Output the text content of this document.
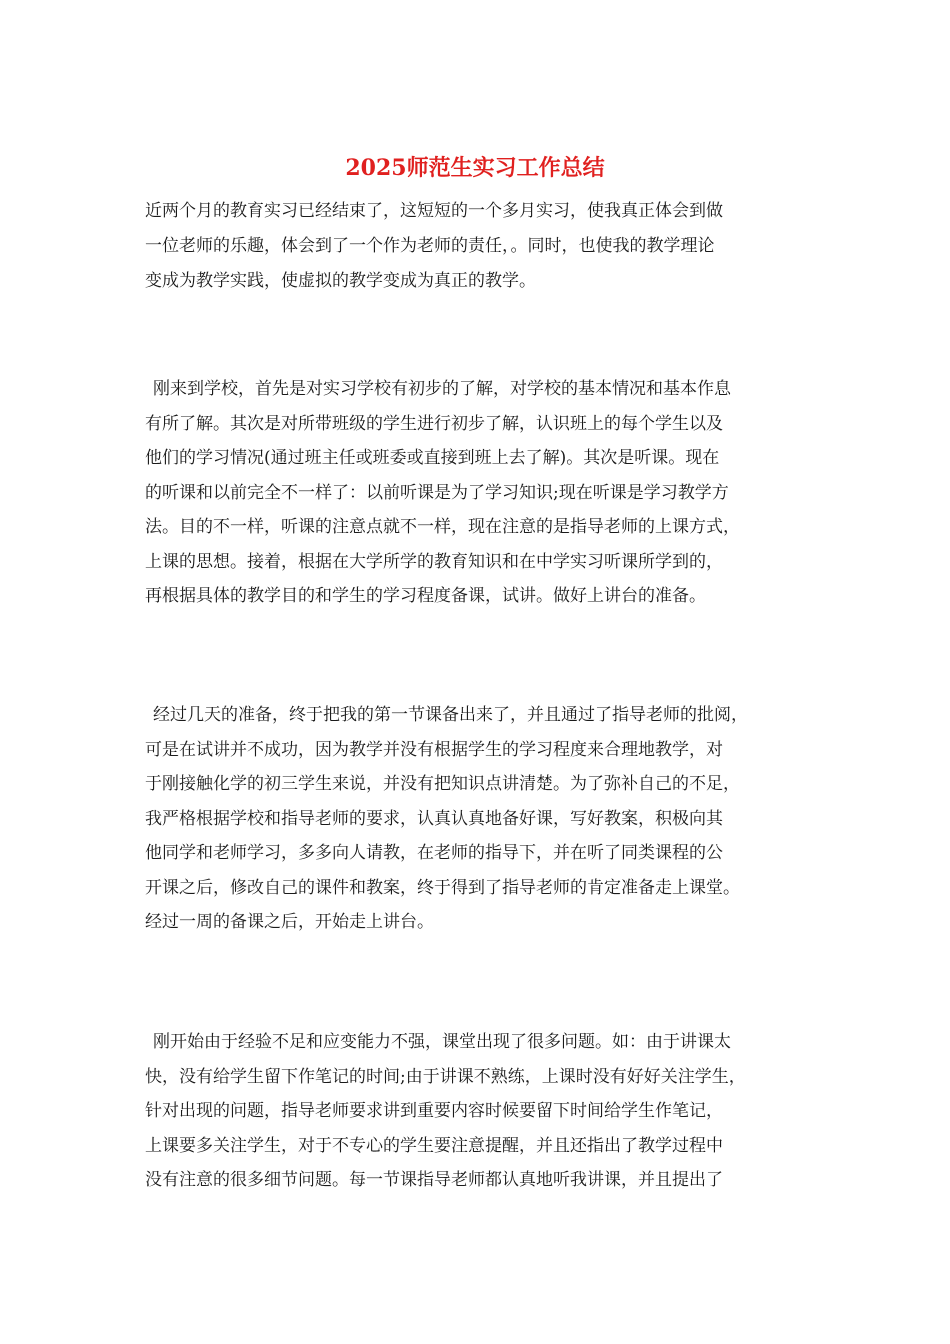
2025师范生实习工作总结
近两个月的教育实习已经结束了，这短短的一个多月实习，使我真正体会到做
一位老师的乐趣，体会到了一个作为老师的责任，。同时，也使我的教学理论
变成为教学实践，使虚拟的教学变成为真正的教学。
刚来到学校，首先是对实习学校有初步的了解，对学校的基本情况和基本作息
有所了解。其次是对所带班级的学生进行初步了解，认识班上的每个学生以及
他们的学习情况(通过班主任或班委或直接到班上去了解)。其次是听课。现在
的听课和以前完全不一样了：以前听课是为了学习知识;现在听课是学习教学方
法。目的不一样，听课的注意点就不一样，现在注意的是指导老师的上课方式，
上课的思想。接着，根据在大学所学的教育知识和在中学实习听课所学到的，
再根据具体的教学目的和学生的学习程度备课，试讲。做好上讲台的准备。
经过几天的准备，终于把我的第一节课备出来了，并且通过了指导老师的批阅，
可是在试讲并不成功，因为教学并没有根据学生的学习程度来合理地教学，对
于刚接触化学的初三学生来说，并没有把知识点讲清楚。为了弥补自己的不足，
我严格根据学校和指导老师的要求，认真认真地备好课，写好教案，积极向其
他同学和老师学习，多多向人请教，在老师的指导下，并在听了同类课程的公
开课之后，修改自己的课件和教案，终于得到了指导老师的肯定准备走上课堂。
经过一周的备课之后，开始走上讲台。
刚开始由于经验不足和应变能力不强，课堂出现了很多问题。如：由于讲课太
快，没有给学生留下作笔记的时间;由于讲课不熟练，上课时没有好好关注学生，
针对出现的问题，指导老师要求讲到重要内容时候要留下时间给学生作笔记，
上课要多关注学生，对于不专心的学生要注意提醒，并且还指出了教学过程中
没有注意的很多细节问题。每一节课指导老师都认真地听我讲课，并且提出了
